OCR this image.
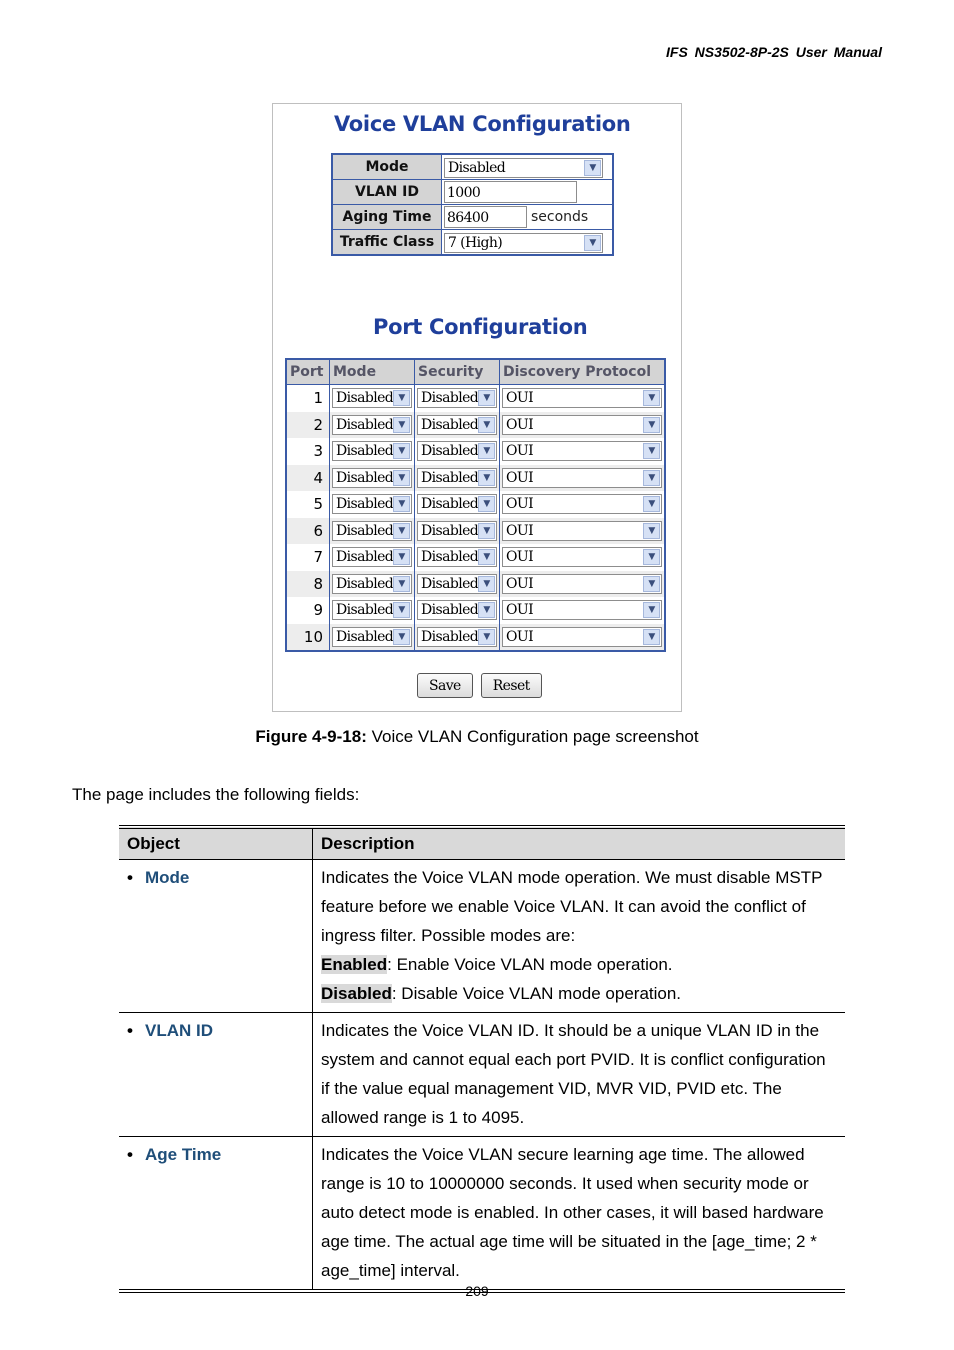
IFS NS3502-8P-2S User Manual
Voice VLAN Configuration
Mode	Disabled ▼

VLAN ID	1000
Aging Time	86400 seconds
Traffic Class	7 (High) ▼
Port Configuration
Port	Mode	Security	Discovery Protocol
1	Disabled ▼	Disabled ▼	OUI ▼

2	Disabled ▼	Disabled ▼	OUI ▼

3	Disabled ▼	Disabled ▼	OUI ▼

4	Disabled ▼	Disabled ▼	OUI ▼

5	Disabled ▼	Disabled ▼	OUI ▼

6	Disabled ▼	Disabled ▼	OUI ▼

7	Disabled ▼	Disabled ▼	OUI ▼

8	Disabled ▼	Disabled ▼	OUI ▼

9	Disabled ▼	Disabled ▼	OUI ▼

10	Disabled ▼	Disabled ▼	OUI ▼
Save	Reset
Figure 4-9-18: Voice VLAN Configuration page screenshot
The page includes the following fields:
Object	Description
• Mode	Indicates the Voice VLAN mode operation. We must disable MSTP feature before we enable Voice VLAN. It can avoid the conflict of ingress filter. Possible modes are:
Enabled: Enable Voice VLAN mode operation.
Disabled: Disable Voice VLAN mode operation.

• VLAN ID	Indicates the Voice VLAN ID. It should be a unique VLAN ID in the system and cannot equal each port PVID. It is conflict configuration if the value equal management VID, MVR VID, PVID etc. The allowed range is 1 to 4095.

• Age Time	Indicates the Voice VLAN secure learning age time. The allowed range is 10 to 10000000 seconds. It used when security mode or auto detect mode is enabled. In other cases, it will based hardware age time. The actual age time will be situated in the [age_time; 2 * age_time] interval.
209
